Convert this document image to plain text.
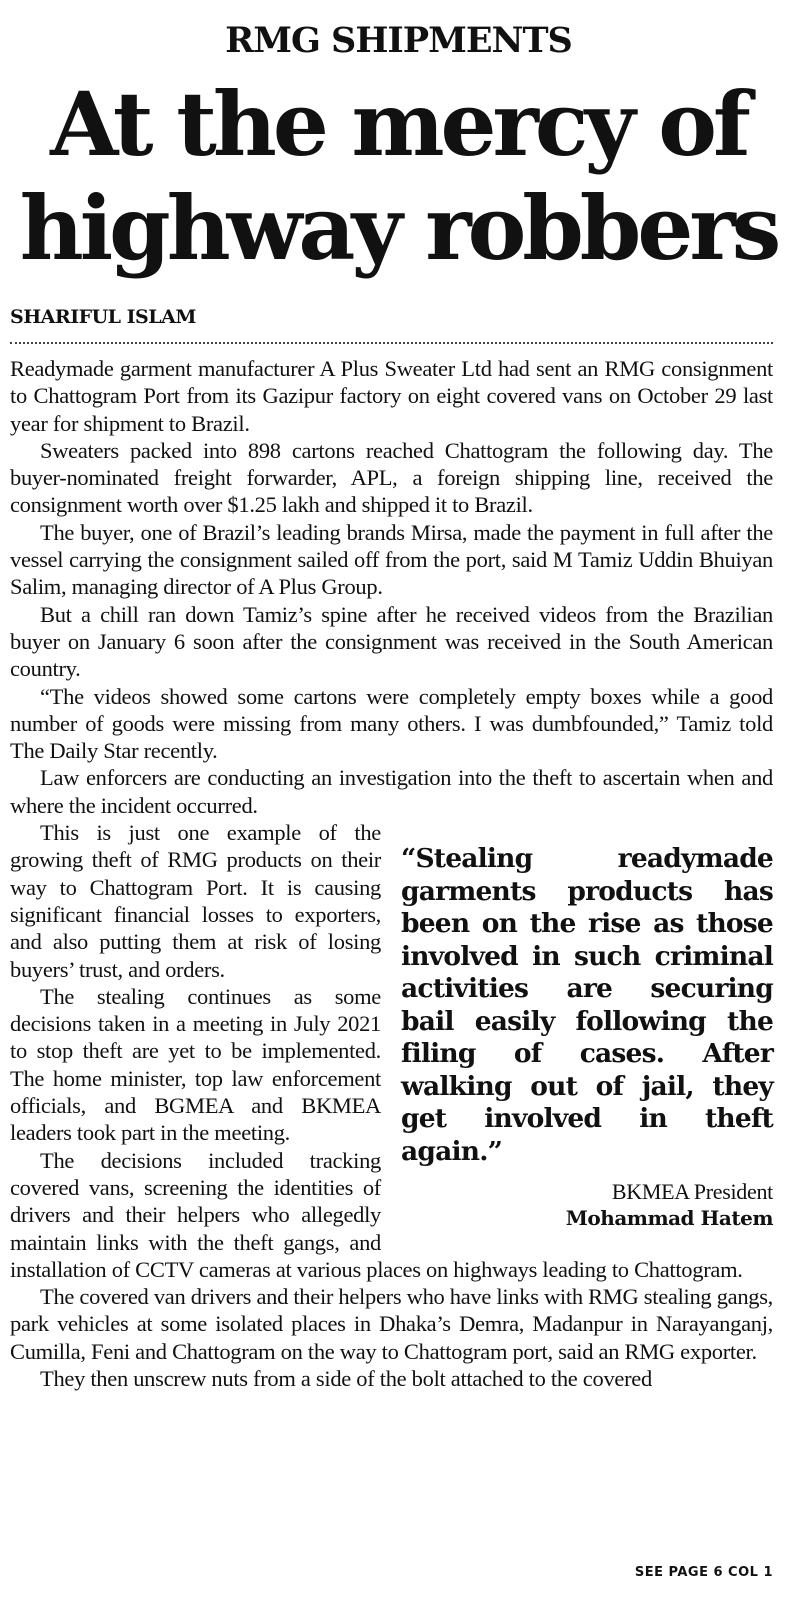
RMG SHIPMENTS
At the mercy of highway robbers
SHARIFUL ISLAM

Readymade garment manufacturer A Plus Sweater Ltd had sent an RMG consignment to Chattogram Port from its Gazipur factory on eight covered vans on October 29 last year for shipment to Brazil.

Sweaters packed into 898 cartons reached Chattogram the following day. The buyer-nominated freight forwarder, APL, a foreign shipping line, received the consignment worth over $1.25 lakh and shipped it to Brazil.

The buyer, one of Brazil’s leading brands Mirsa, made the payment in full after the vessel carrying the consignment sailed off from the port, said M Tamiz Uddin Bhuiyan Salim, managing director of A Plus Group.

But a chill ran down Tamiz’s spine after he received videos from the Brazilian buyer on January 6 soon after the consignment was received in the South American country.

“The videos showed some cartons were completely empty boxes while a good number of goods were missing from many others. I was dumbfounded,” Tamiz told The Daily Star recently.

Law enforcers are conducting an investigation into the theft to ascertain when and where the incident occurred.

“Stealing readymade garments products has been on the rise as those involved in such criminal activities are securing bail easily following the filing of cases. After walking out of jail, they get involved in theft again.”

BKMEA President
Mohammad Hatem

This is just one example of the growing theft of RMG products on their way to Chattogram Port. It is causing significant financial losses to exporters, and also putting them at risk of losing buyers’ trust, and orders.

The stealing continues as some decisions taken in a meeting in July 2021 to stop theft are yet to be implemented. The home minister, top law enforcement officials, and BGMEA and BKMEA leaders took part in the meeting.

The decisions included tracking covered vans, screening the identities of drivers and their helpers who allegedly maintain links with the theft gangs, and installation of CCTV cameras at various places on highways leading to Chattogram.

The covered van drivers and their helpers who have links with RMG stealing gangs, park vehicles at some isolated places in Dhaka’s Demra, Madanpur in Narayanganj, Cumilla, Feni and Chattogram on the way to Chattogram port, said an RMG exporter.

They then unscrew nuts from a side of the bolt attached to the covered

SEE PAGE 6 COL 1
